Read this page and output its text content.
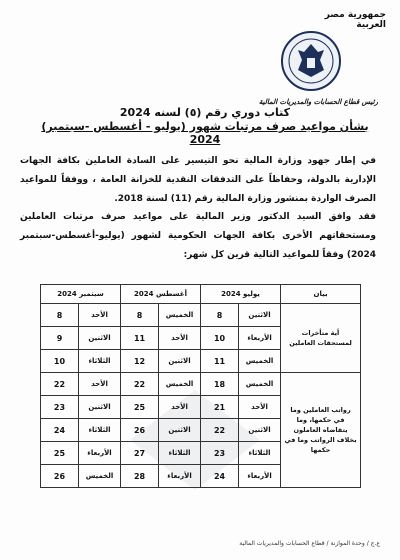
جمهورية مصر العربية
رئيس قطاع الحسابات والمديريات المالية
كتاب دوري رقم (٥) لسنه 2024
بشأن مواعيد صرف مرتبات شهور (يوليو - أغسطس -سبتمبر) 2024
في إطار جهود وزارة المالية نحو التيسير على السادة العاملين بكافة الجهات الإدارية بالدولة، وحفاظاً على التدفقات النقدية للخزانة العامة ، ووفقاً للمواعيد الصرف الواردة بمنشور وزارة المالية رقم (11) لسنة 2018.
فقد وافق السيد الدكتور وزير المالية على مواعيد صرف مرتبات العاملين ومستحقاتهم الأخرى بكافة الجهات الحكومية لشهور (يوليو-أغسطس-سبتمبر 2024) وفقاً للمواعيد التالية قرين كل شهر:
بيان	يوليو 2024		أغسطس 2024		سبتمبر 2024	
أية متأخرات لمستحقات العاملين	الاثنين	8	الخميس	8	الأحد	8
	الأربعاء	10	الأحد	11	الاثنين	9
	الخميس	11	الاثنين	12	الثلاثاء	10
رواتب العاملين وما في حكمها، وما يتقاضاه العاملون بخلاف الرواتب وما في حكمها	الخميس	18	الخميس	22	الأحد	22
	الأحد	21	الأحد	25	الاثنين	23
	الاثنين	22	الاثنين	26	الثلاثاء	24
	الثلاثاء	23	الثلاثاء	27	الأربعاء	25
	الأربعاء	24	الأربعاء	28	الخميس	26
ع.ج / وحدة الموازنة / قطاع الحسابات والمديريات المالية
